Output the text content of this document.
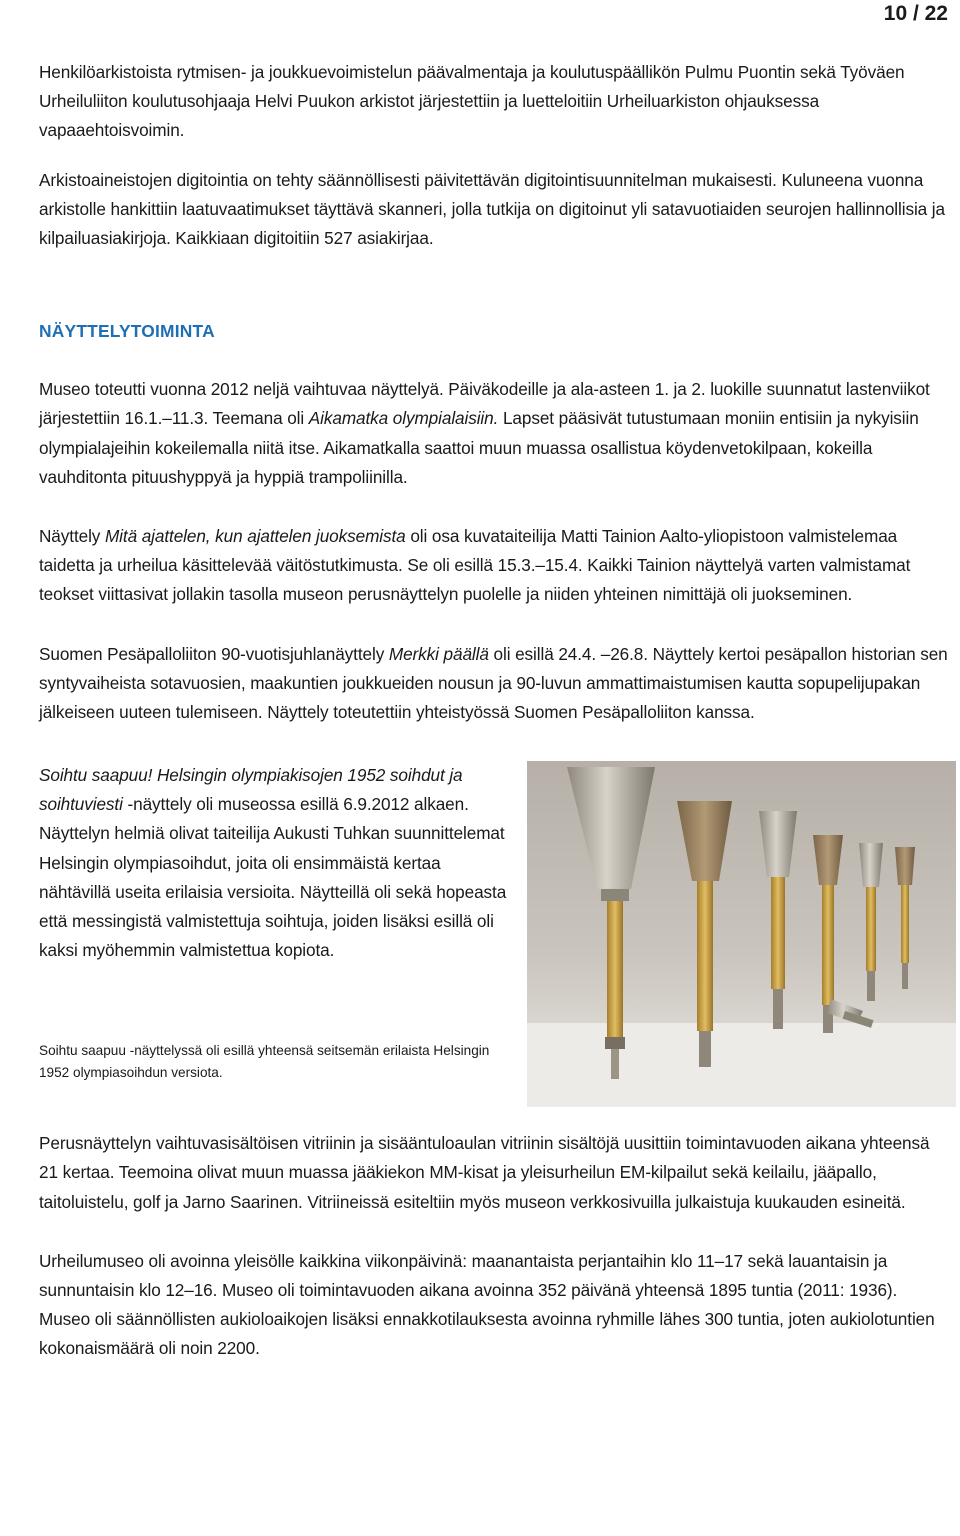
10 / 22

Henkilöarkistoista rytmisen- ja joukkuevoimistelun päävalmentaja ja koulutuspäällikön Pulmu Puontin sekä Työväen Urheiluliiton koulutusohjaaja Helvi Puukon arkistot järjestettiin ja luetteloitiin Urheiluarkiston ohjauksessa vapaaehtoisvoimin.

Arkistoaineistojen digitointia on tehty säännöllisesti päivitettävän digitointisuunnitelman mukaisesti. Kuluneena vuonna arkistolle hankittiin laatuvaatimukset täyttävä skanneri, jolla tutkija on digitoinut yli satavuotiaiden seurojen hallinnollisia ja kilpailuasiakirjoja. Kaikkiaan digitoitiin 527 asiakirjaa.

NÄYTTELYTOIMINTA

Museo toteutti vuonna 2012 neljä vaihtuvaa näyttelyä. Päiväkodeille ja ala-asteen 1. ja 2. luokille suunnatut lastenviikot järjestettiin 16.1.–11.3. Teemana oli Aikamatka olympialaisiin. Lapset pääsivät tutustumaan moniin entisiin ja nykyisiin olympialajeihin kokeilemalla niitä itse. Aikamatkalla saattoi muun muassa osallistua köydenvetokilpaan, kokeilla vauhditonta pituushyppyä ja hyppiä trampoliinilla.

Näyttely Mitä ajattelen, kun ajattelen juoksemista oli osa kuvataiteilija Matti Tainion Aalto-yliopistoon valmistelemaa taidetta ja urheilua käsittelevää väitöstutkimusta. Se oli esillä 15.3.–15.4. Kaikki Tainion näyttelyä varten valmistamat teokset viittasivat jollakin tasolla museon perusnäyttelyn puolelle ja niiden yhteinen nimittäjä oli juokseminen.

Suomen Pesäpalloliiton 90-vuotisjuhlanäyttely Merkki päällä oli esillä 24.4. –26.8. Näyttely kertoi pesäpallon historian sen syntyvaiheista sotavuosien, maakuntien joukkueiden nousun ja 90-luvun ammattimaistumisen kautta sopupelijupakan jälkeiseen uuteen tulemiseen. Näyttely toteutettiin yhteistyössä Suomen Pesäpalloliiton kanssa.

Soihtu saapuu! Helsingin olympiakisojen 1952 soihdut ja soihtuviesti -näyttely oli museossa esillä 6.9.2012 alkaen. Näyttelyn helmiä olivat taiteilija Aukusti Tuhkan suunnittelemat Helsingin olympiasoihdut, joita oli ensimmäistä kertaa nähtävillä useita erilaisia versioita. Näytteillä oli sekä hopeasta että messingistä valmistettuja soihtuja, joiden lisäksi esillä oli kaksi myöhemmin valmistettua kopiota.

Soihtu saapuu -näyttelyssä oli esillä yhteensä seitsemän erilaista Helsingin 1952 olympiasoihdun versiota.

Perusnäyttelyn vaihtuvasisältöisen vitriinin ja sisääntuloaulan vitriinin sisältöjä uusittiin toimintavuoden aikana yhteensä 21 kertaa. Teemoina olivat muun muassa jääkiekon MM-kisat ja yleisurheilun EM-kilpailut sekä keilailu, jääpallo, taitoluistelu, golf ja Jarno Saarinen. Vitriineissä esiteltiin myös museon verkkosivuilla julkaistuja kuukauden esineitä.

Urheilumuseo oli avoinna yleisölle kaikkina viikonpäivinä: maanantaista perjantaihin klo 11–17 sekä lauantaisin ja sunnuntaisin klo 12–16. Museo oli toimintavuoden aikana avoinna 352 päivänä yhteensä 1895 tuntia (2011: 1936). Museo oli säännöllisten aukioloaikojen lisäksi ennakkotilauksesta avoinna ryhmille lähes 300 tuntia, joten aukiolotuntien kokonaismäärä oli noin 2200.
